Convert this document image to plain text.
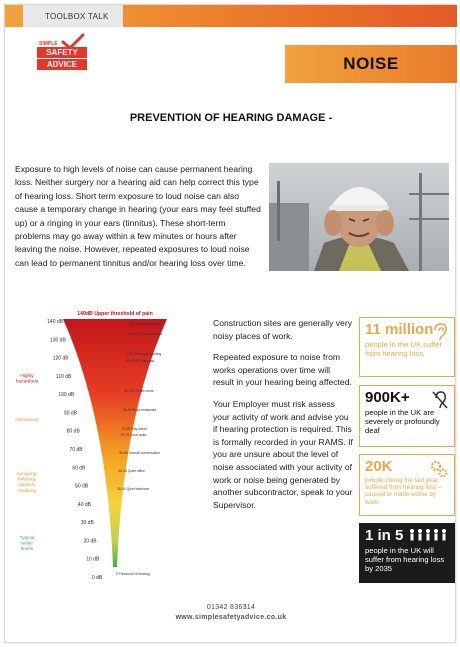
TOOLBOX TALK
SIMPLE
SAFETY
ADVICE	NOISE
PREVENTION OF HEARING DAMAGE -
Exposure to high levels of noise can cause permanent hearing loss. Neither surgery nor a hearing aid can help correct this type of hearing loss. Short term exposure to loud noise can also cause a temporary change in hearing (your ears may feel stuffed up) or a ringing in your ears (tinnitus). These short-term problems may go away within a few minutes or hours after leaving the noise. However, repeated exposures to loud noise can lead to permanent tinnitus and/or hearing loss over time.
140 dB
130 dB
120 dB
110 dB
100 dB
90 dB
80 dB
70 dB
60 dB
50 dB
40 dB
30 dB
20 dB
10 dB
0 dB
130 Aircraft taking off
120-130 Road hammer
110-120 Angle grinding
100-110 Chain saw
90-100 Power tools
80-90 Busy restaurant
70-80 City street
70-75 Loud radio
50-60 Normal conversation
40-45 Quiet office
30-40 Quiet bedroom
0 Threshold of hearing
Highly hazardous
Hazardous
Annoying, Irritating, speech masking
Typical noise levels
140dB Upper threshold of pain

Construction sites are generally very noisy places of work.

Repeated exposure to noise from works operations over time will result in your hearing being affected.

Your Employer must risk assess your activity of work and advise you if hearing protection is required. This is formally recorded in your RAMS. If you are unsure about the level of noise associated with your activity of work or noise being generated by another subcontractor, speak to your Supervisor.

11 million
people in the UK suffer from hearing loss
900K+
people in the UK are severely or profoundly deaf
20K
people during the last year suffered from hearing loss – caused or made worse by work
1 in 5
people in the UK will suffer from hearing loss by 2035
01342 836314
www.simplesafetyadvice.co.uk
